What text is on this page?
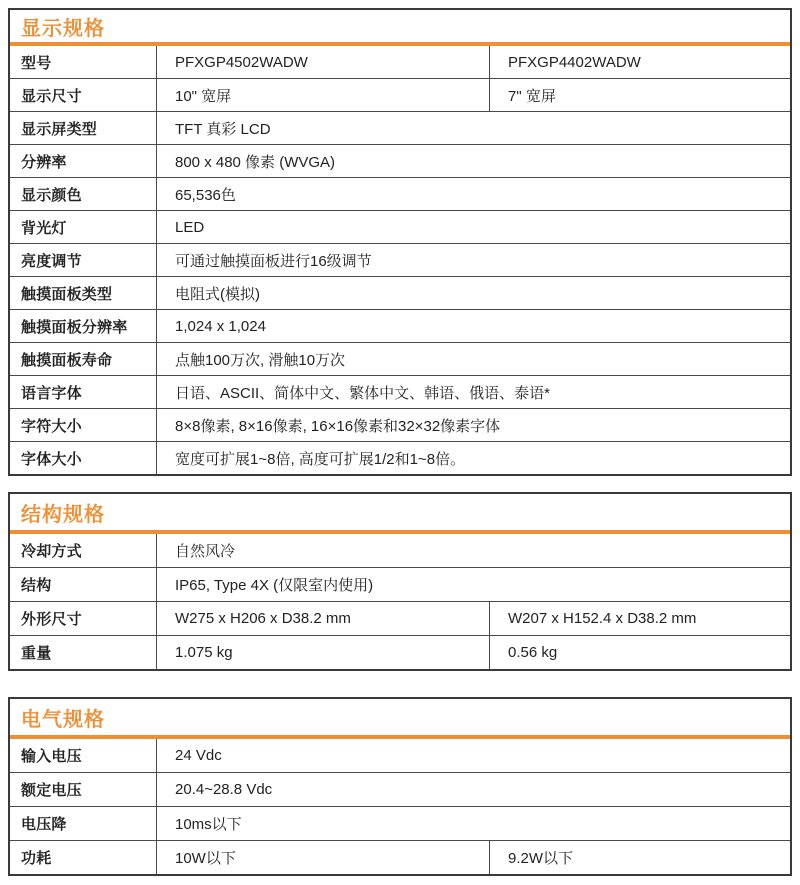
显示规格
型号	PFXGP4502WADW	PFXGP4402WADW
显示尺寸	10" 宽屏	7" 宽屏
显示屏类型	TFT 真彩 LCD
分辨率	800 x 480 像素 (WVGA)
显示颜色	65,536色
背光灯	LED
亮度调节	可通过触摸面板进行16级调节
触摸面板类型	电阻式(模拟)
触摸面板分辨率	1,024 x 1,024
触摸面板寿命	点触100万次, 滑触10万次
语言字体	日语、ASCII、简体中文、繁体中文、韩语、俄语、泰语*
字符大小	8×8像素, 8×16像素, 16×16像素和32×32像素字体
字体大小	宽度可扩展1~8倍, 高度可扩展1/2和1~8倍。
结构规格
冷却方式	自然风冷
结构	IP65, Type 4X (仅限室内使用)
外形尺寸	W275 x H206 x D38.2 mm	W207 x H152.4 x D38.2 mm
重量	1.075 kg	0.56 kg
电气规格
输入电压	24 Vdc
额定电压	20.4~28.8 Vdc
电压降	10ms以下
功耗	10W以下	9.2W以下
